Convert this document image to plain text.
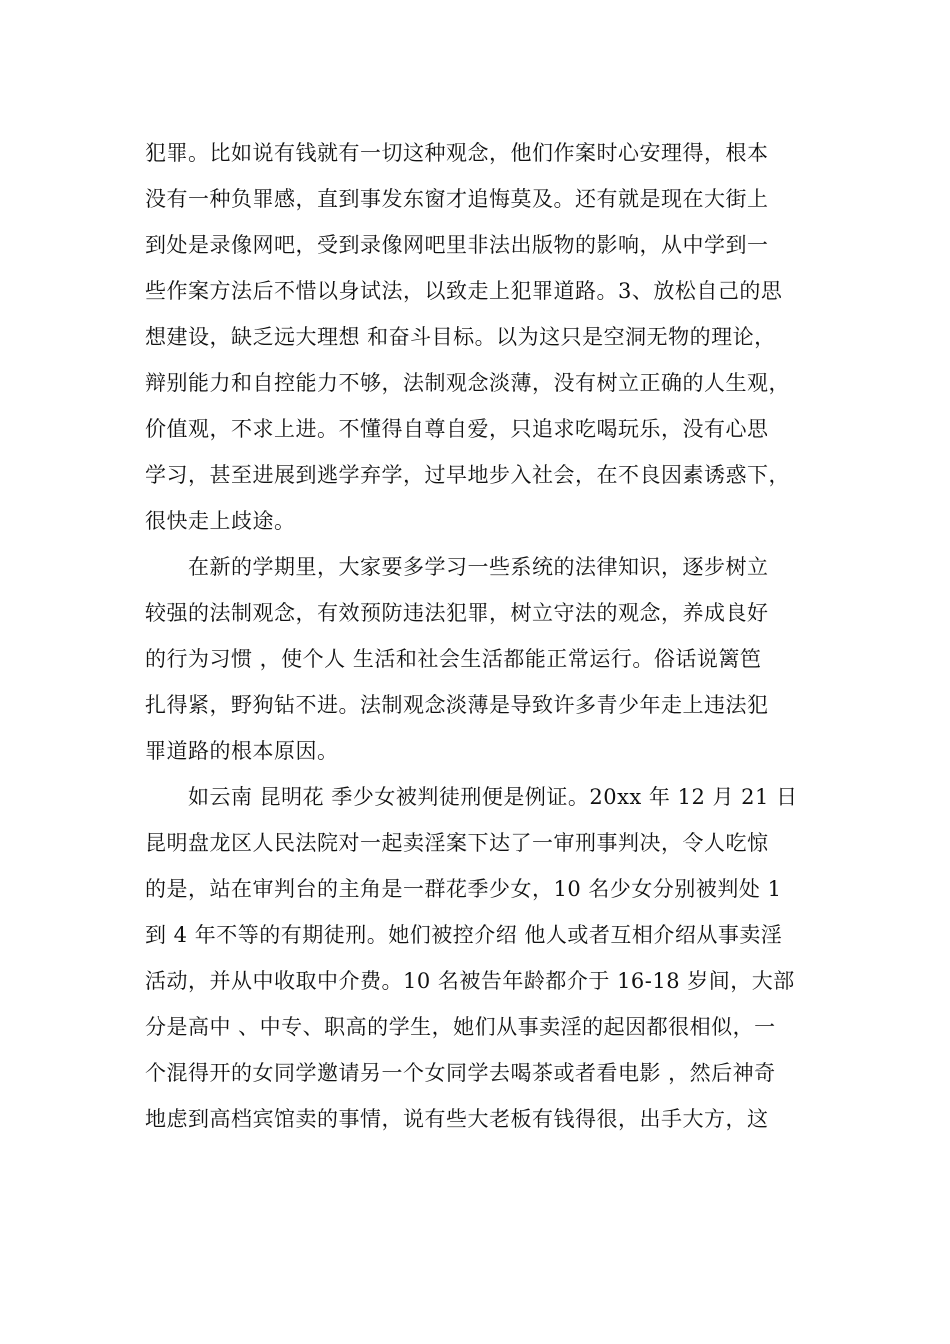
犯罪。比如说有钱就有一切这种观念，他们作案时心安理得，根本
没有一种负罪感，直到事发东窗才追悔莫及。还有就是现在大街上
到处是录像网吧，受到录像网吧里非法出版物的影响，从中学到一
些作案方法后不惜以身试法，以致走上犯罪道路。3、放松自己的思
想建设，缺乏远大理想 和奋斗目标。以为这只是空洞无物的理论，
辩别能力和自控能力不够，法制观念淡薄，没有树立正确的人生观，
价值观，不求上进。不懂得自尊自爱，只追求吃喝玩乐，没有心思
学习，甚至进展到逃学弃学，过早地步入社会，在不良因素诱惑下，
很快走上歧途。
　　在新的学期里，大家要多学习一些系统的法律知识，逐步树立
较强的法制观念，有效预防违法犯罪，树立守法的观念，养成良好
的行为习惯 ，使个人 生活和社会生活都能正常运行。俗话说篱笆
扎得紧，野狗钻不进。法制观念淡薄是导致许多青少年走上违法犯
罪道路的根本原因。
　　如云南 昆明花 季少女被判徒刑便是例证。20xx 年 12 月 21 日
昆明盘龙区人民法院对一起卖淫案下达了一审刑事判决，令人吃惊
的是，站在审判台的主角是一群花季少女，10 名少女分别被判处 1
到 4 年不等的有期徒刑。她们被控介绍 他人或者互相介绍从事卖淫
活动，并从中收取中介费。10 名被告年龄都介于 16-18 岁间，大部
分是高中 、中专、职高的学生，她们从事卖淫的起因都很相似，一
个混得开的女同学邀请另一个女同学去喝茶或者看电影 ，然后神奇
地虑到高档宾馆卖的事情，说有些大老板有钱得很，出手大方，这
